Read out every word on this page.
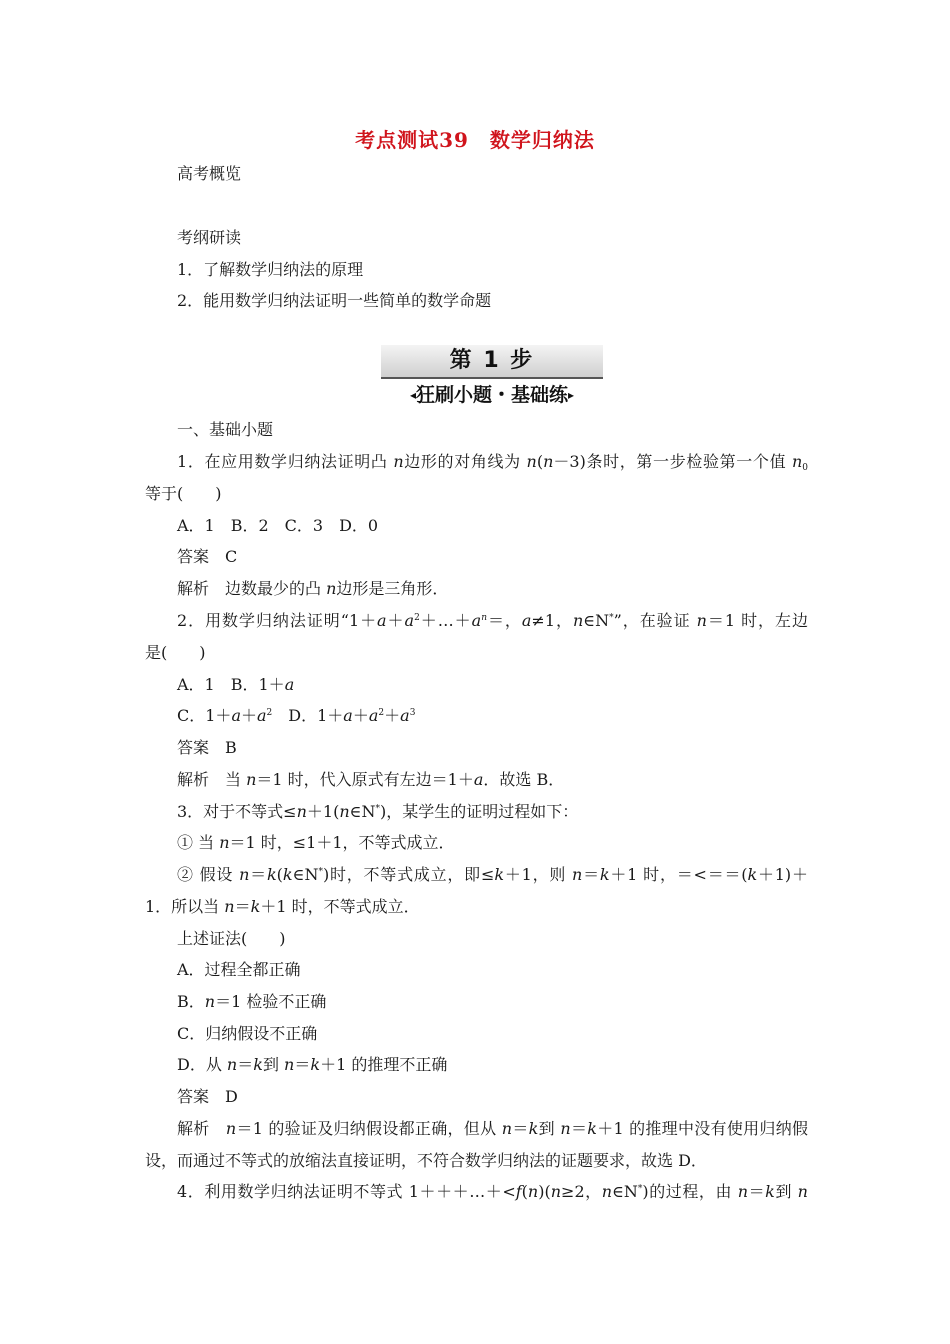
考点测试39　数学归纳法
高考概览
考纲研读
1．了解数学归纳法的原理
2．能用数学归纳法证明一些简单的数学命题
第 1 步
◂狂刷小题・基础练▸
一、基础小题
1．在应用数学归纳法证明凸 n边形的对角线为 n(n－3)条时，第一步检验第一个值 $n_0$
等于(　　)
A．1　B．2　C．3　D．0
答案　C
解析　边数最少的凸 n边形是三角形．
2．用数学归纳法证明“$1+a+a^2+\dots+a^n=$，a≠1，n∈N*”，在验证 n＝1 时，左边
是(　　)
A．1　B．1＋a
C．$1+a+a^2$　D．$1+a+a^2+a^3$
答案　B
解析　当 n＝1 时，代入原式有左边＝1＋a．故选 B．
3．对于不等式≤n＋1(n∈N*)，某学生的证明过程如下：
① 当 n＝1 时，≤1＋1，不等式成立．
② 假设 n＝k(k∈N*)时，不等式成立，即≤k＋1，则 n＝k＋1 时，＝<＝＝(k＋1)＋
1．所以当 n＝k＋1 时，不等式成立．
上述证法(　　)
A．过程全都正确
B．n＝1 检验不正确
C．归纳假设不正确
D．从 n＝k到 n＝k＋1 的推理不正确
答案　D
解析　n＝1 的验证及归纳假设都正确，但从 n＝k到 n＝k＋1 的推理中没有使用归纳假
设，而通过不等式的放缩法直接证明，不符合数学归纳法的证题要求，故选 D．
4．利用数学归纳法证明不等式 1＋＋＋…＋<f(n)(n≥2，n∈N*)的过程，由 n＝k到 n
